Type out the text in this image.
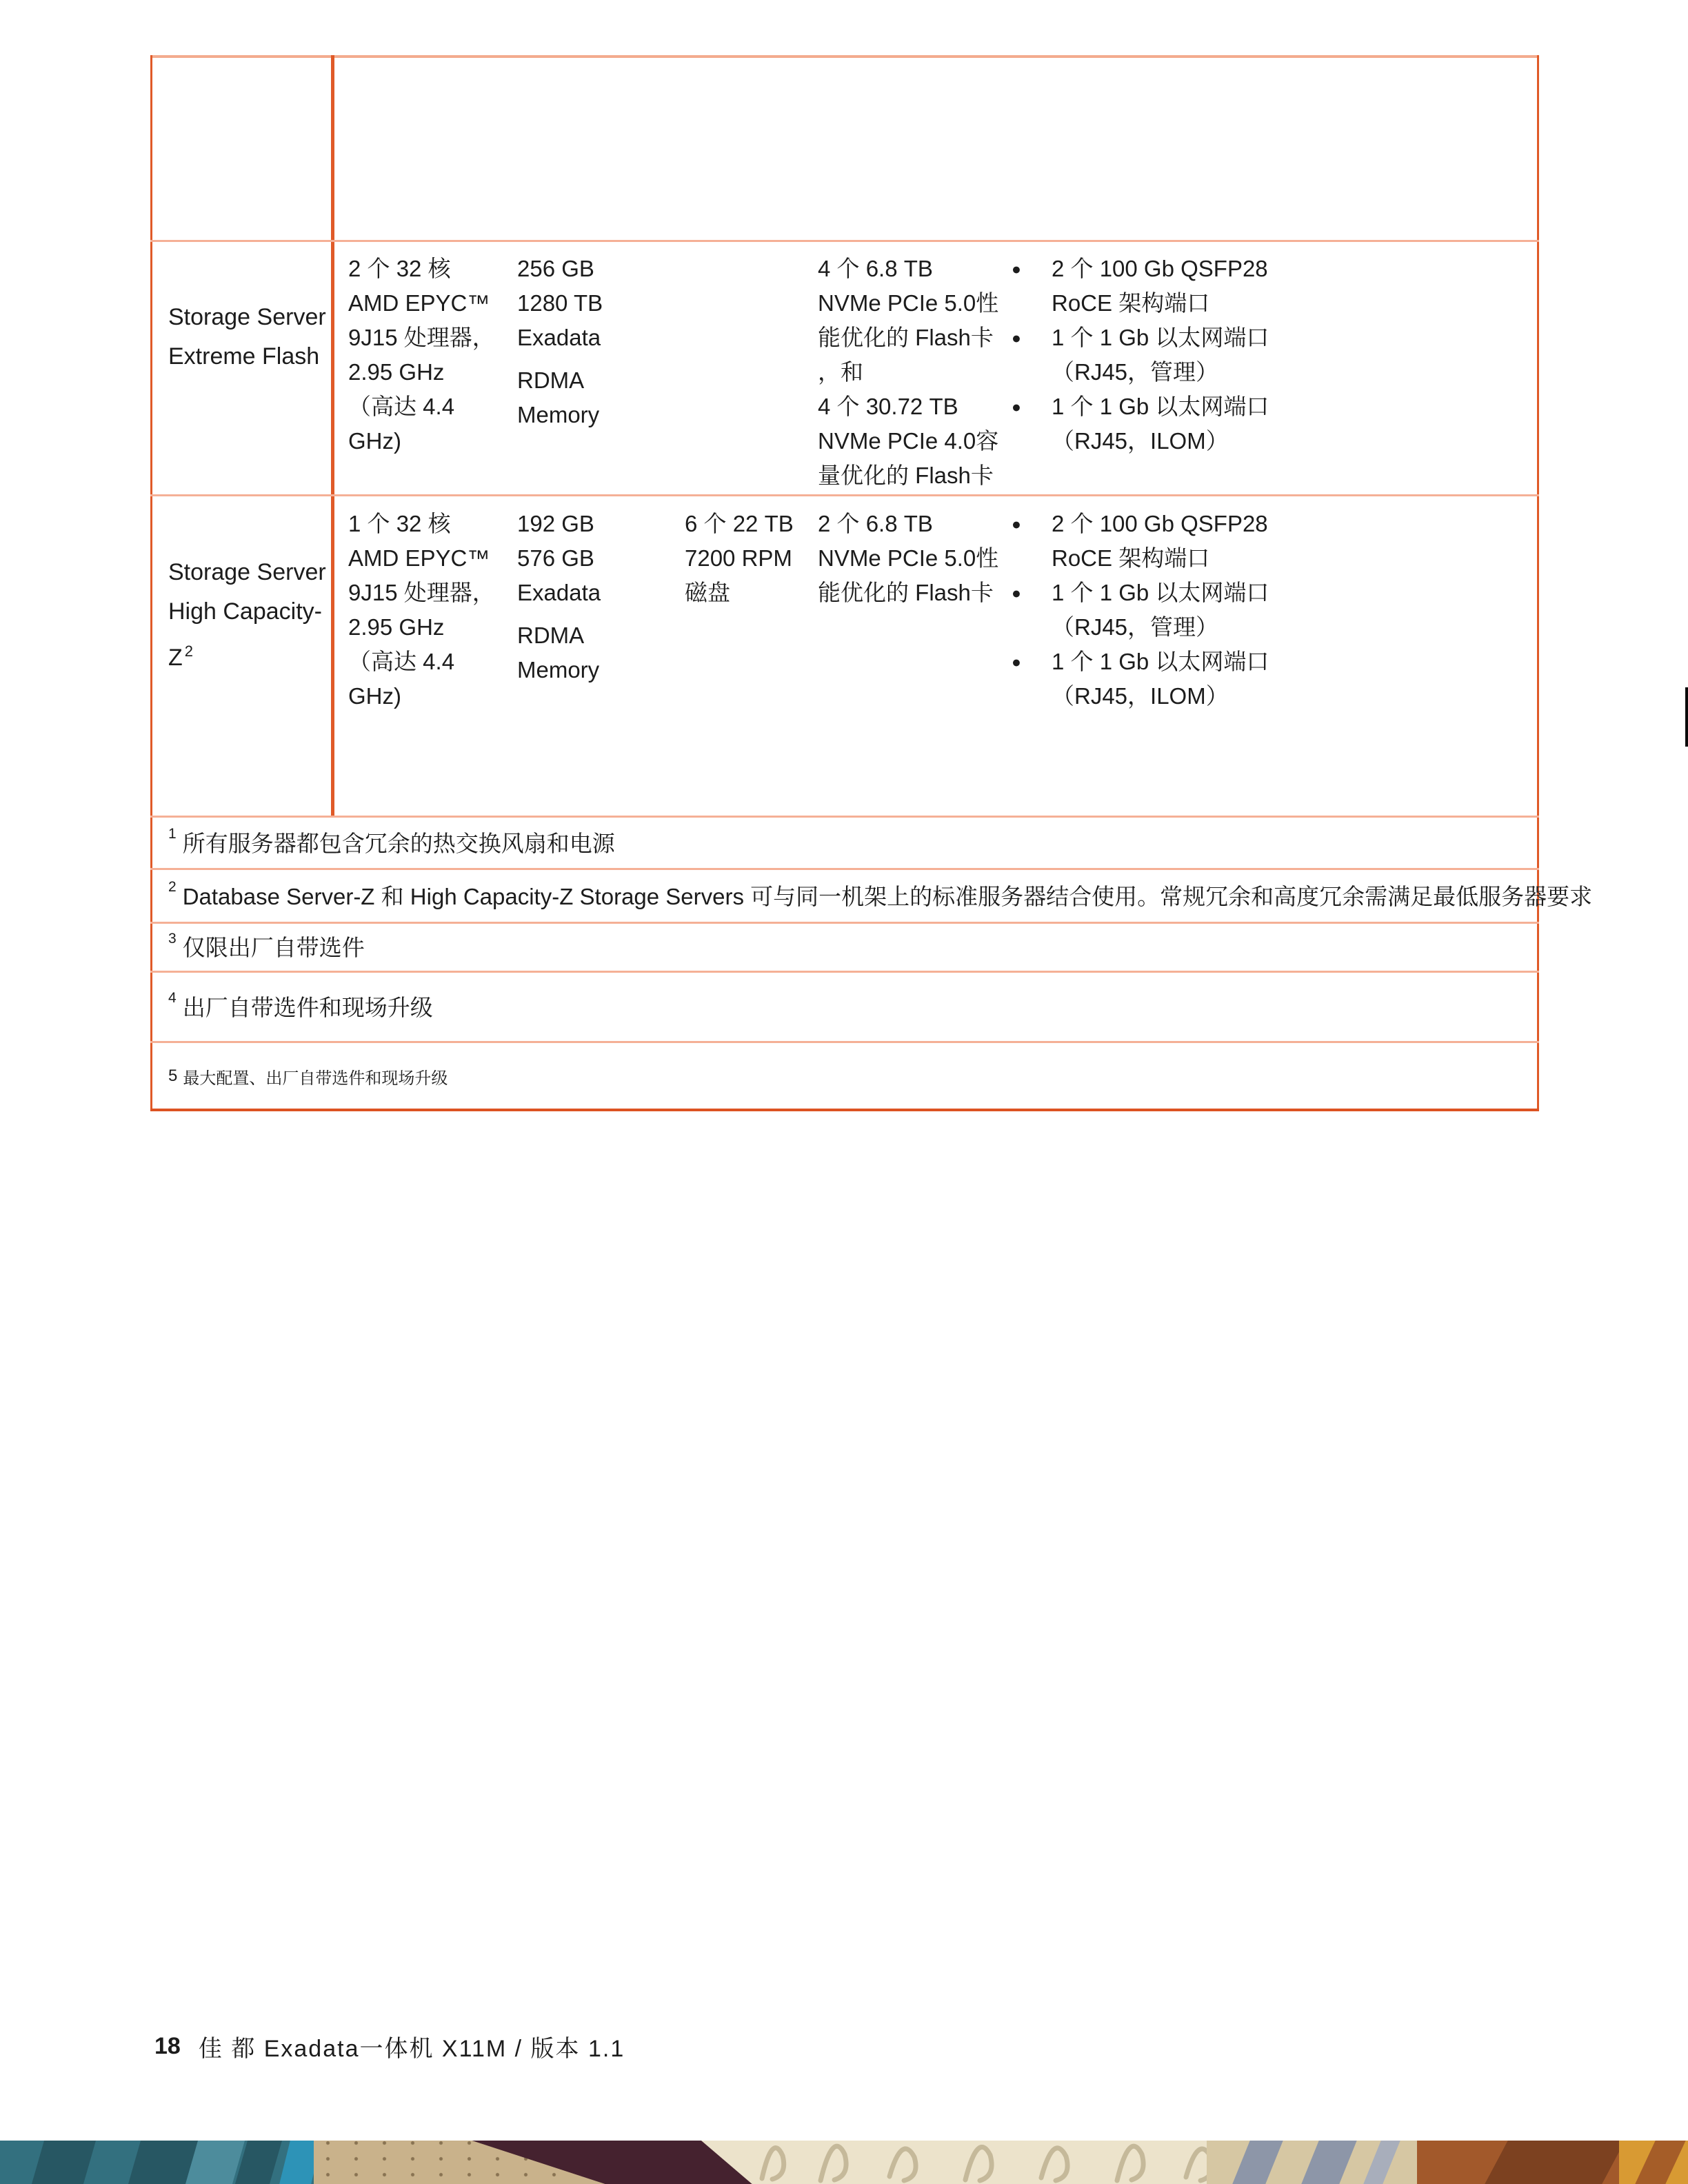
Storage Server
Extreme Flash
2 个 32 核
AMD EPYC™
9J15 处理器，
2.95 GHz
（高达 4.4
GHz)
256 GB
1280 TB
Exadata
RDMA
Memory
4 个 6.8 TB
NVMe PCIe 5.0性
能优化的 Flash卡
，和
4 个 30.72 TB
NVMe PCIe 4.0容
量优化的 Flash卡
● 2 个 100 Gb QSFP28
RoCE 架构端口
● 1 个 1 Gb 以太网端口
（RJ45，管理）
● 1 个 1 Gb 以太网端口
（RJ45，ILOM）
Storage Server
High Capacity-
Z $^2$
1 个 32 核
AMD EPYC™
9J15 处理器，
2.95 GHz
（高达 4.4
GHz)
192 GB
576 GB
Exadata
RDMA
Memory
6 个 22 TB
7200 RPM
磁盘
2 个 6.8 TB
NVMe PCIe 5.0性
能优化的 Flash卡
● 2 个 100 Gb QSFP28
RoCE 架构端口
● 1 个 1 Gb 以太网端口
（RJ45，管理）
● 1 个 1 Gb 以太网端口
（RJ45，ILOM）
1 所有服务器都包含冗余的热交换风扇和电源
2 Database Server-Z 和 High Capacity-Z Storage Servers 可与同一机架上的标准服务器结合使用。常规冗余和高度冗余需满足最低服务器要求
3 仅限出厂自带选件
4 出厂自带选件和现场升级
5 最大配置、出厂自带选件和现场升级
18 佳 都 Exadata一体机 X11M / 版本 1.1
